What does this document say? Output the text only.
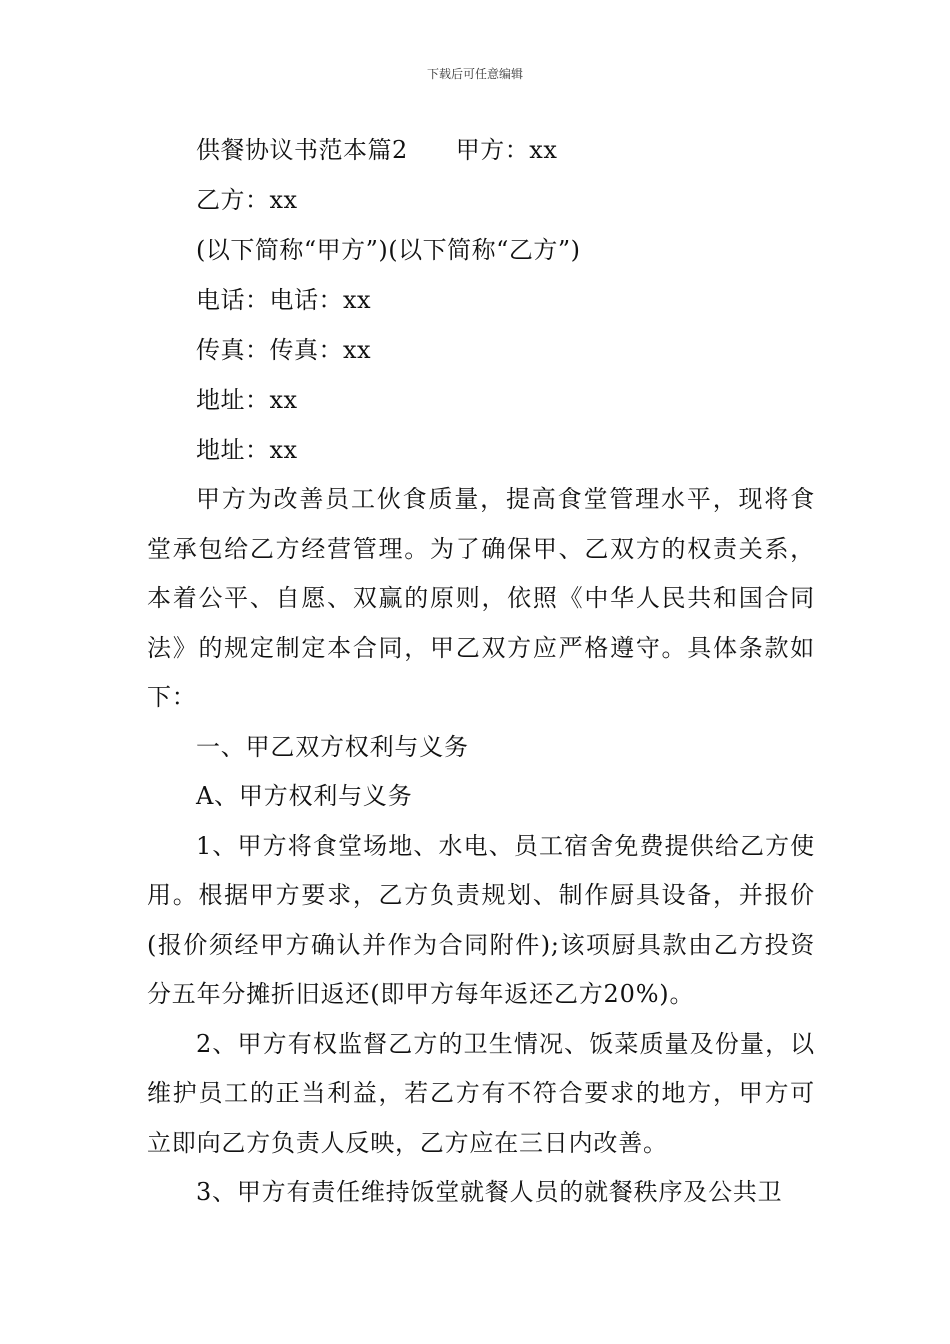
下载后可任意编辑
供餐协议书范本篇2 甲方：xx
乙方：xx
(以下简称“甲方”)(以下简称“乙方”)
电话：电话：xx
传真：传真：xx
地址：xx
地址：xx

甲方为改善员工伙食质量，提高食堂管理水平，现将食堂承包给乙方经营管理。为了确保甲、乙双方的权责关系，本着公平、自愿、双赢的原则，依照《中华人民共和国合同法》的规定制定本合同，甲乙双方应严格遵守。具体条款如下：

一、甲乙双方权利与义务

A、甲方权利与义务

1、甲方将食堂场地、水电、员工宿舍免费提供给乙方使用。根据甲方要求，乙方负责规划、制作厨具设备，并报价(报价须经甲方确认并作为合同附件);该项厨具款由乙方投资分五年分摊折旧返还(即甲方每年返还乙方20%)。

2、甲方有权监督乙方的卫生情况、饭菜质量及份量，以维护员工的正当利益，若乙方有不符合要求的地方，甲方可立即向乙方负责人反映，乙方应在三日内改善。

3、甲方有责任维持饭堂就餐人员的就餐秩序及公共卫
